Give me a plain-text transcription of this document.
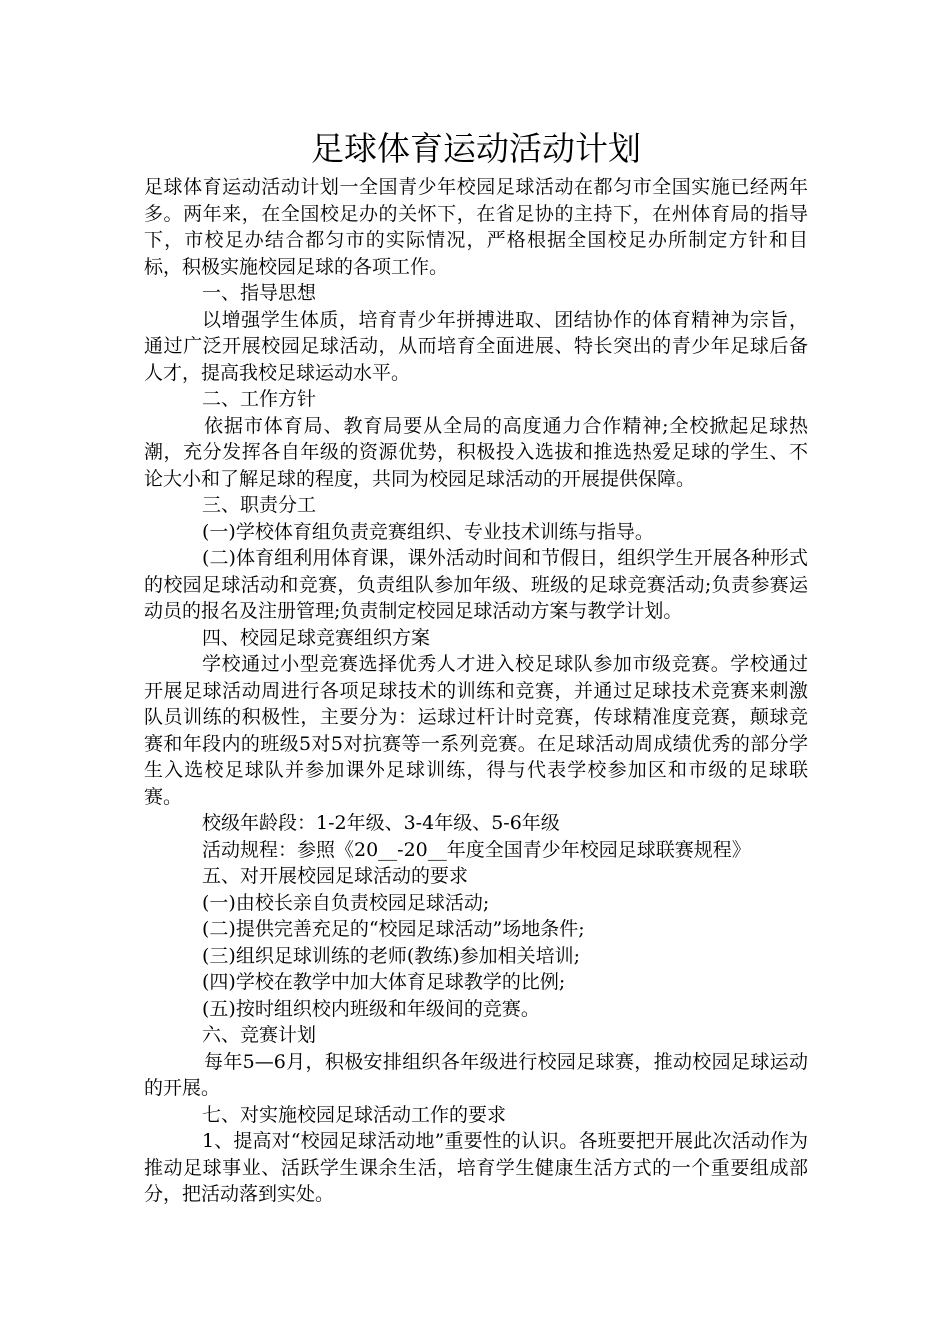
足球体育运动活动计划

足球体育运动活动计划一全国青少年校园足球活动在都匀市全国实施已经两年多。两年来，在全国校足办的关怀下，在省足协的主持下，在州体育局的指导下，市校足办结合都匀市的实际情况，严格根据全国校足办所制定方针和目标，积极实施校园足球的各项工作。

一、指导思想

以增强学生体质，培育青少年拼搏进取、团结协作的体育精神为宗旨，通过广泛开展校园足球活动，从而培育全面进展、特长突出的青少年足球后备人才，提高我校足球运动水平。

二、工作方针

依据市体育局、教育局要从全局的高度通力合作精神;全校掀起足球热潮，充分发挥各自年级的资源优势，积极投入选拔和推选热爱足球的学生、不论大小和了解足球的程度，共同为校园足球活动的开展提供保障。

三、职责分工

(一)学校体育组负责竞赛组织、专业技术训练与指导。

(二)体育组利用体育课，课外活动时间和节假日，组织学生开展各种形式的校园足球活动和竞赛，负责组队参加年级、班级的足球竞赛活动;负责参赛运动员的报名及注册管理;负责制定校园足球活动方案与教学计划。

四、校园足球竞赛组织方案

学校通过小型竞赛选择优秀人才进入校足球队参加市级竞赛。学校通过开展足球活动周进行各项足球技术的训练和竞赛，并通过足球技术竞赛来刺激队员训练的积极性，主要分为：运球过杆计时竞赛，传球精准度竞赛，颠球竞赛和年段内的班级5对5对抗赛等一系列竞赛。在足球活动周成绩优秀的部分学生入选校足球队并参加课外足球训练，得与代表学校参加区和市级的足球联赛。

校级年龄段：1-2年级、3-4年级、5-6年级

活动规程：参照《20__-20__年度全国青少年校园足球联赛规程》

五、对开展校园足球活动的要求

(一)由校长亲自负责校园足球活动;

(二)提供完善充足的“校园足球活动”场地条件;

(三)组织足球训练的老师(教练)参加相关培训;

(四)学校在教学中加大体育足球教学的比例;

(五)按时组织校内班级和年级间的竞赛。

六、竞赛计划

每年5—6月，积极安排组织各年级进行校园足球赛，推动校园足球运动的开展。

七、对实施校园足球活动工作的要求

1、提高对“校园足球活动地”重要性的认识。各班要把开展此次活动作为推动足球事业、活跃学生课余生活，培育学生健康生活方式的一个重要组成部分，把活动落到实处。
